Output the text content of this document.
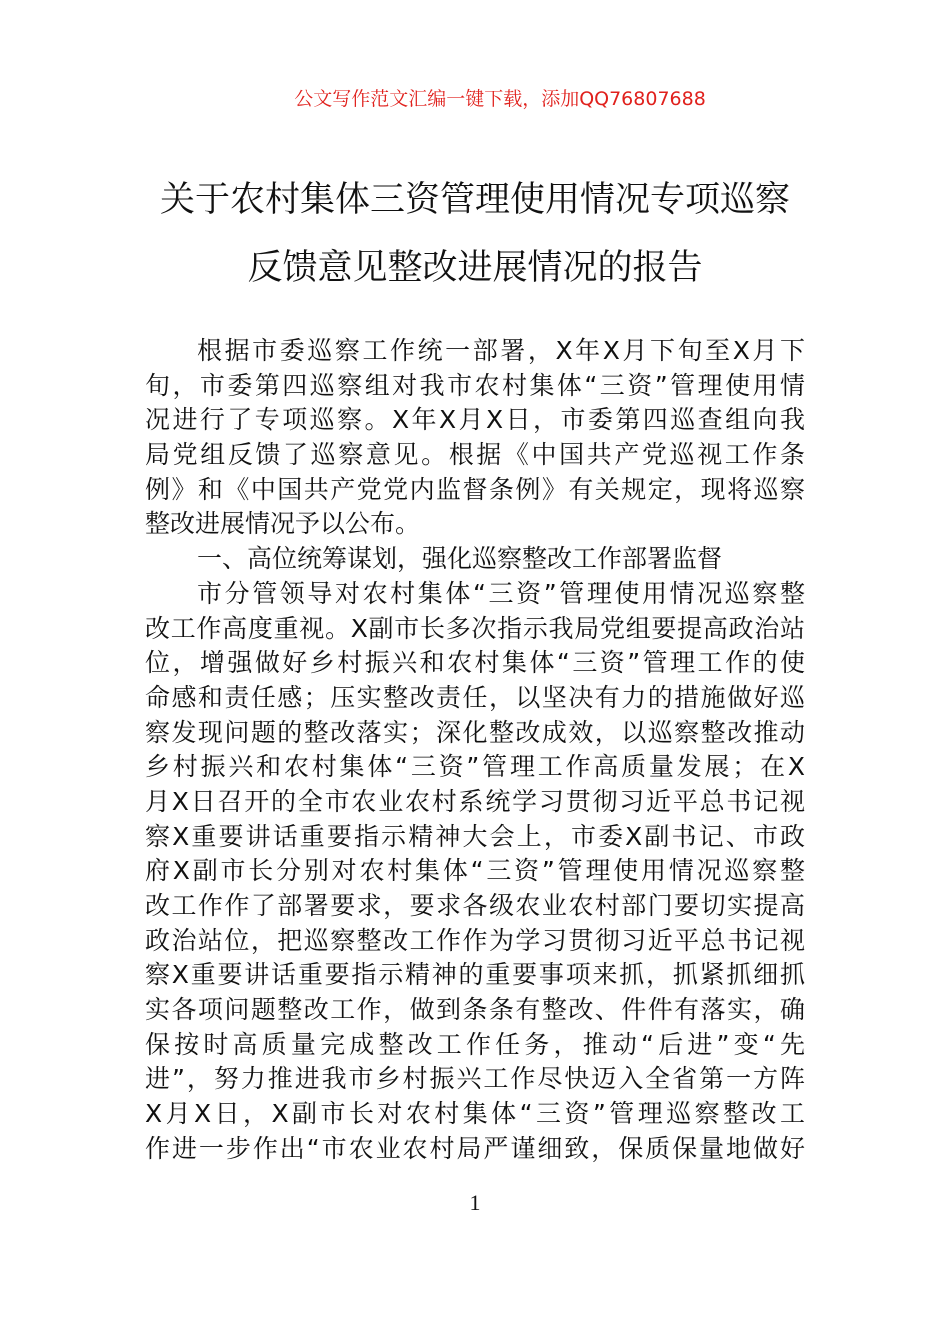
公文写作范文汇编一键下载，添加QQ76807688
关于农村集体三资管理使用情况专项巡察
反馈意见整改进展情况的报告
根据市委巡察工作统一部署，X年X月下旬至X月下
旬，市委第四巡察组对我市农村集体“三资”管理使用情
况进行了专项巡察。X年X月X日，市委第四巡查组向我
局党组反馈了巡察意见。根据《中国共产党巡视工作条
例》和《中国共产党党内监督条例》有关规定，现将巡察
整改进展情况予以公布。
一、高位统筹谋划，强化巡察整改工作部署监督
市分管领导对农村集体“三资”管理使用情况巡察整
改工作高度重视。X副市长多次指示我局党组要提高政治站
位，增强做好乡村振兴和农村集体“三资”管理工作的使
命感和责任感；压实整改责任，以坚决有力的措施做好巡
察发现问题的整改落实；深化整改成效，以巡察整改推动
乡村振兴和农村集体“三资”管理工作高质量发展；在X
月X日召开的全市农业农村系统学习贯彻习近平总书记视
察X重要讲话重要指示精神大会上，市委X副书记、市政
府X副市长分别对农村集体“三资”管理使用情况巡察整
改工作作了部署要求，要求各级农业农村部门要切实提高
政治站位，把巡察整改工作作为学习贯彻习近平总书记视
察X重要讲话重要指示精神的重要事项来抓，抓紧抓细抓
实各项问题整改工作，做到条条有整改、件件有落实，确
保按时高质量完成整改工作任务，推动“后进”变“先
进”，努力推进我市乡村振兴工作尽快迈入全省第一方阵
X月X日，X副市长对农村集体“三资”管理巡察整改工
作进一步作出“市农业农村局严谨细致，保质保量地做好
1
